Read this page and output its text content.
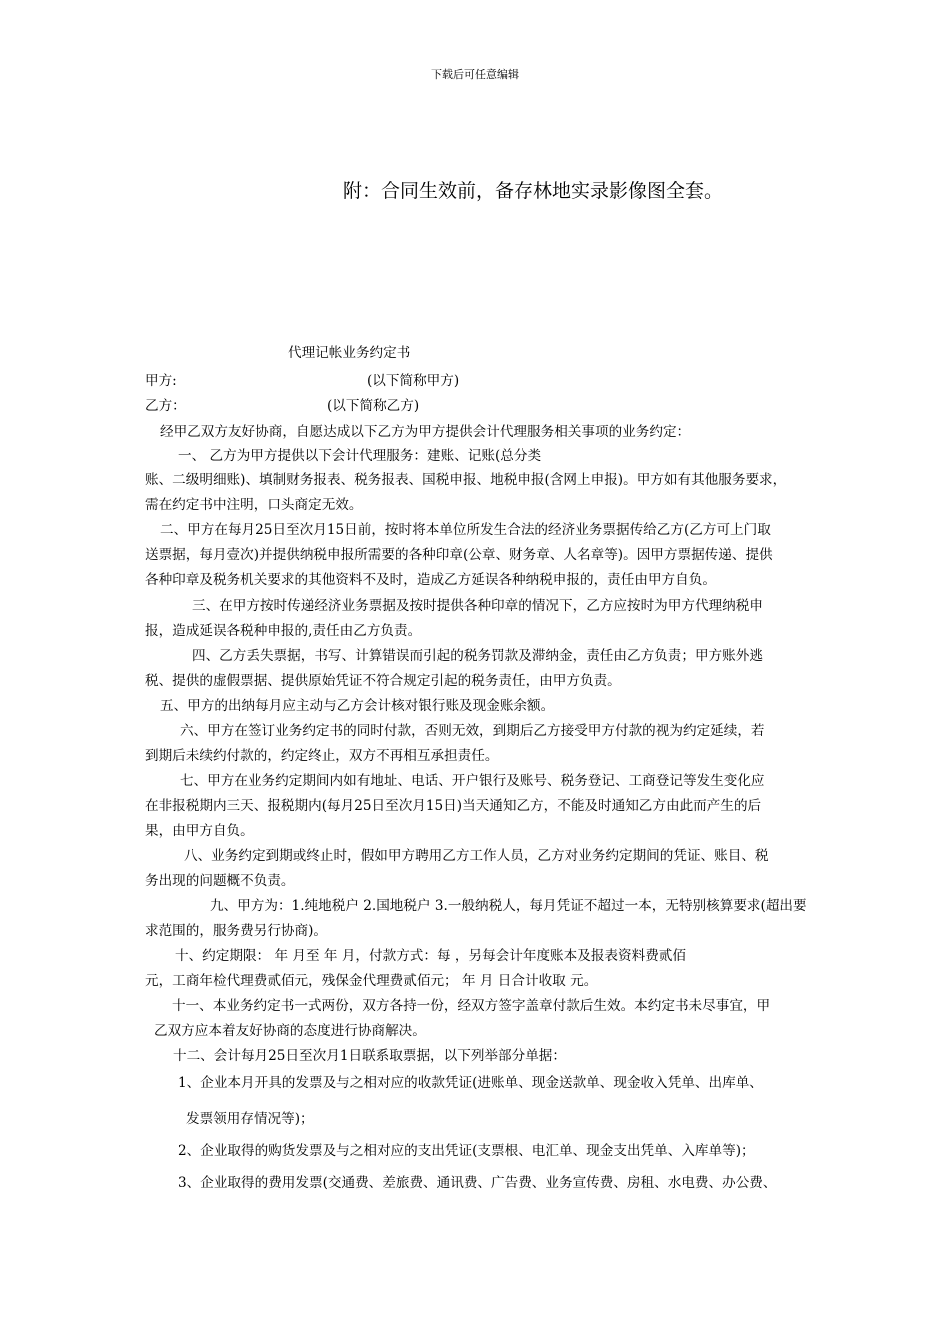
下载后可任意编辑
附：合同生效前，备存林地实录影像图全套。
代理记帐业务约定书
甲方:	(以下简称甲方)
乙方：	(以下简称乙方)
经甲乙双方友好协商，自愿达成以下乙方为甲方提供会计代理服务相关事项的业务约定：
一、 乙方为甲方提供以下会计代理服务：建账、记账(总分类
账、二级明细账)、填制财务报表、税务报表、国税申报、地税申报(含网上申报)。甲方如有其他服务要求，
需在约定书中注明，口头商定无效。
二、甲方在每月25日至次月15日前，按时将本单位所发生合法的经济业务票据传给乙方(乙方可上门取
送票据，每月壹次)并提供纳税申报所需要的各种印章(公章、财务章、人名章等)。因甲方票据传递、提供
各种印章及税务机关要求的其他资料不及时，造成乙方延误各种纳税申报的，责任由甲方自负。
三、在甲方按时传递经济业务票据及按时提供各种印章的情况下，乙方应按时为甲方代理纳税申
报，造成延误各税种申报的,责任由乙方负责。
四、乙方丢失票据，书写、计算错误而引起的税务罚款及滞纳金，责任由乙方负责；甲方账外逃
税、提供的虚假票据、提供原始凭证不符合规定引起的税务责任，由甲方负责。
五、甲方的出纳每月应主动与乙方会计核对银行账及现金账余额。
六、甲方在签订业务约定书的同时付款，否则无效，到期后乙方接受甲方付款的视为约定延续，若
到期后未续约付款的，约定终止，双方不再相互承担责任。
七、甲方在业务约定期间内如有地址、电话、开户银行及账号、税务登记、工商登记等发生变化应
在非报税期内三天、报税期内(每月25日至次月15日)当天通知乙方，不能及时通知乙方由此而产生的后
果，由甲方自负。
八、业务约定到期或终止时，假如甲方聘用乙方工作人员，乙方对业务约定期间的凭证、账目、税
务出现的问题概不负责。
九、甲方为：1.纯地税户 2.国地税户 3.一般纳税人，每月凭证不超过一本，无特别核算要求(超出要
求范围的，服务费另行协商)。
十、约定期限： 年 月至 年 月，付款方式：每 ，另每会计年度账本及报表资料费贰佰
元，工商年检代理费贰佰元，残保金代理费贰佰元； 年 月 日合计收取 元。
十一、本业务约定书一式两份，双方各持一份，经双方签字盖章付款后生效。本约定书未尽事宜，甲
乙双方应本着友好协商的态度进行协商解决。
十二、会计每月25日至次月1日联系取票据，以下列举部分单据：
1、企业本月开具的发票及与之相对应的收款凭证(进账单、现金送款单、现金收入凭单、出库单、
发票领用存情况等)；
2、企业取得的购货发票及与之相对应的支出凭证(支票根、电汇单、现金支出凭单、入库单等)；
3、企业取得的费用发票(交通费、差旅费、通讯费、广告费、业务宣传费、房租、水电费、办公费、
